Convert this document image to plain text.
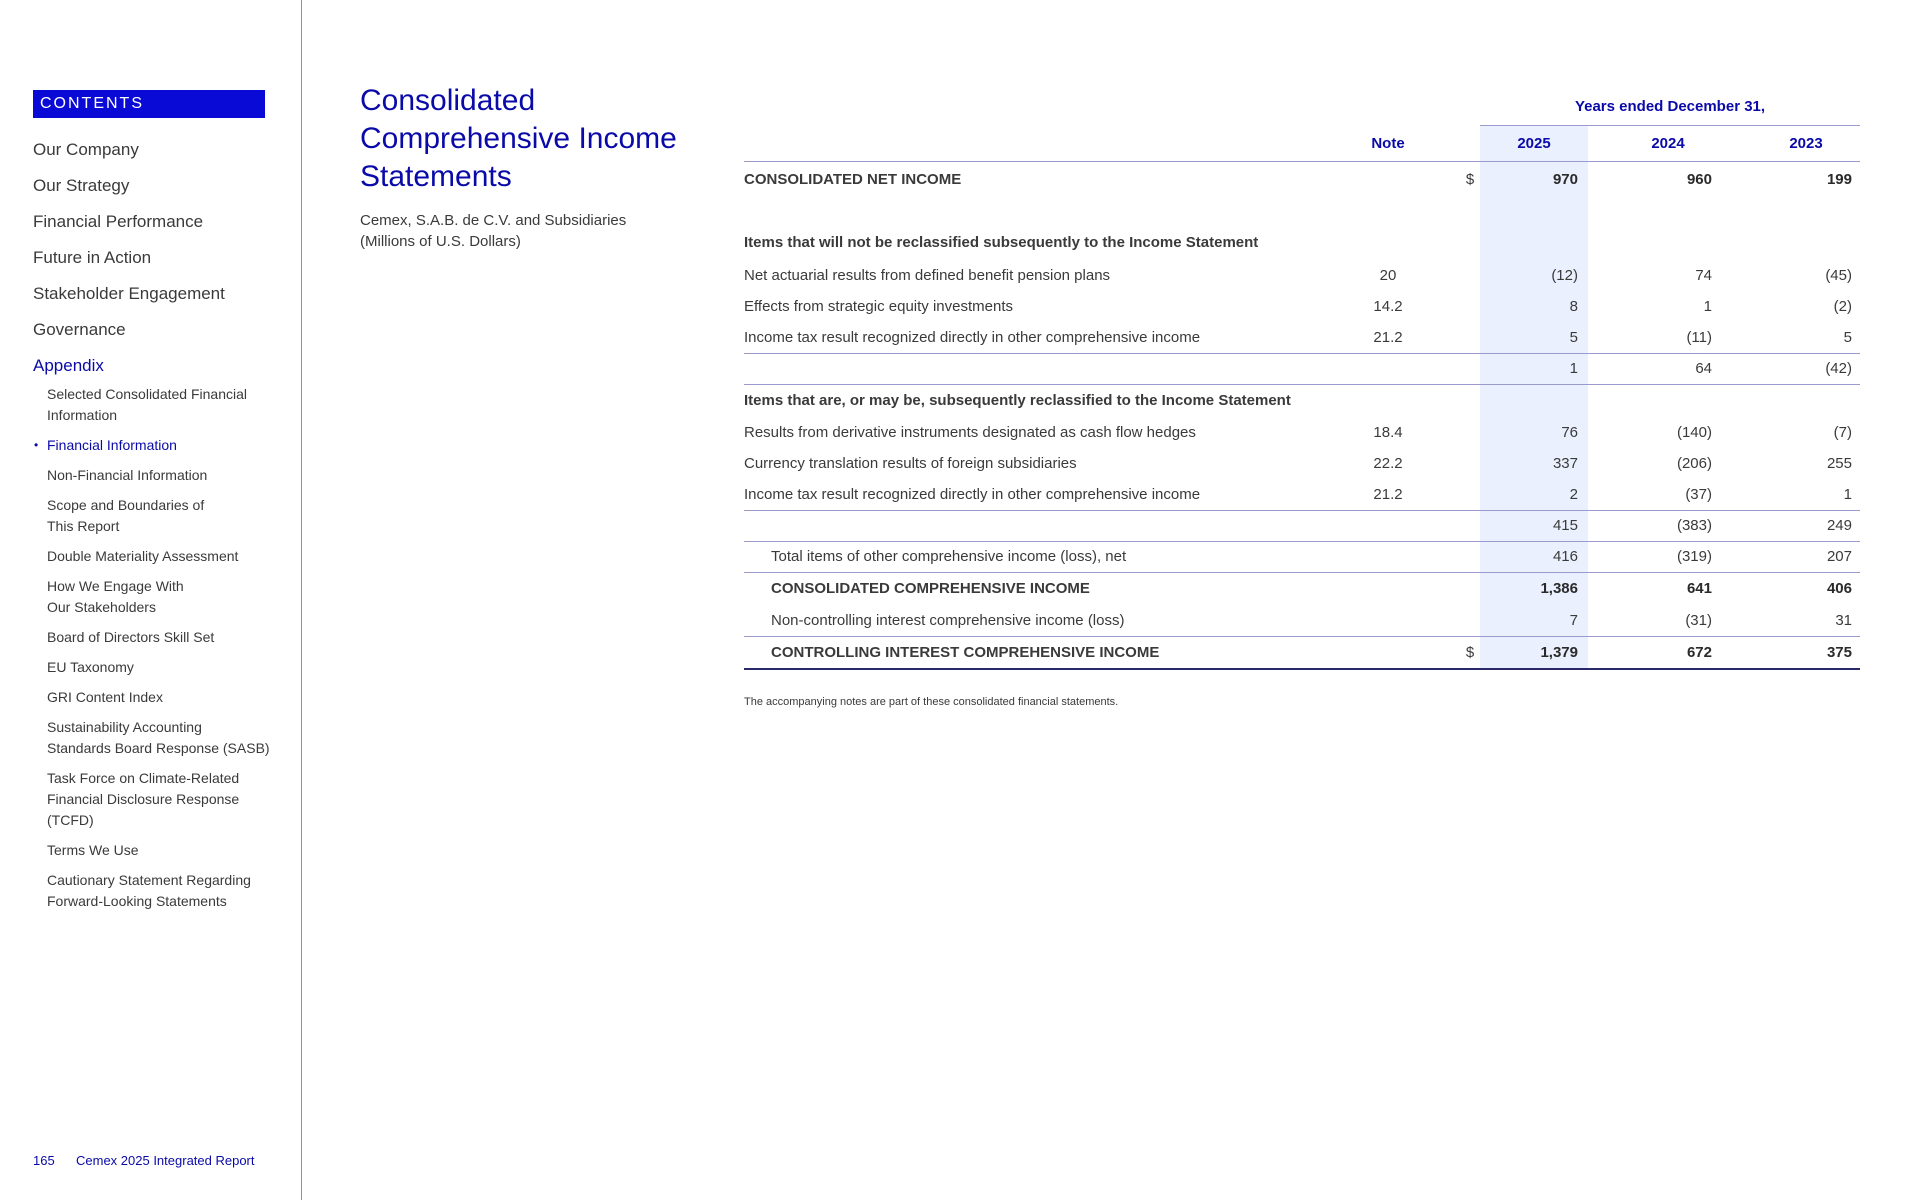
CONTENTS
Our Company
Our Strategy
Financial Performance
Future in Action
Stakeholder Engagement
Governance
Appendix
Selected Consolidated Financial
Information
• Financial Information
Non-Financial Information
Scope and Boundaries of
This Report
Double Materiality Assessment
How We Engage With
Our Stakeholders
Board of Directors Skill Set
EU Taxonomy
GRI Content Index
Sustainability Accounting
Standards Board Response (SASB)
Task Force on Climate-Related
Financial Disclosure Response
(TCFD)
Terms We Use
Cautionary Statement Regarding
Forward-Looking Statements
165 Cemex 2025 Integrated Report
Consolidated Comprehensive Income Statements
Cemex, S.A.B. de C.V. and Subsidiaries
(Millions of U.S. Dollars)
Years ended December 31,
Note	2025	2024	2023
CONSOLIDATED NET INCOME	$	970	960	199
Items that will not be reclassified subsequently to the Income Statement
Net actuarial results from defined benefit pension plans	20	(12)	74	(45)
Effects from strategic equity investments	14.2	8	1	(2)
Income tax result recognized directly in other comprehensive income	21.2	5	(11)	5
1	64	(42)
Items that are, or may be, subsequently reclassified to the Income Statement
Results from derivative instruments designated as cash flow hedges	18.4	76	(140)	(7)
Currency translation results of foreign subsidiaries	22.2	337	(206)	255
Income tax result recognized directly in other comprehensive income	21.2	2	(37)	1
415	(383)	249
Total items of other comprehensive income (loss), net	416	(319)	207
CONSOLIDATED COMPREHENSIVE INCOME	1,386	641	406
Non-controlling interest comprehensive income (loss)	7	(31)	31
CONTROLLING INTEREST COMPREHENSIVE INCOME	$	1,379	672	375
The accompanying notes are part of these consolidated financial statements.
